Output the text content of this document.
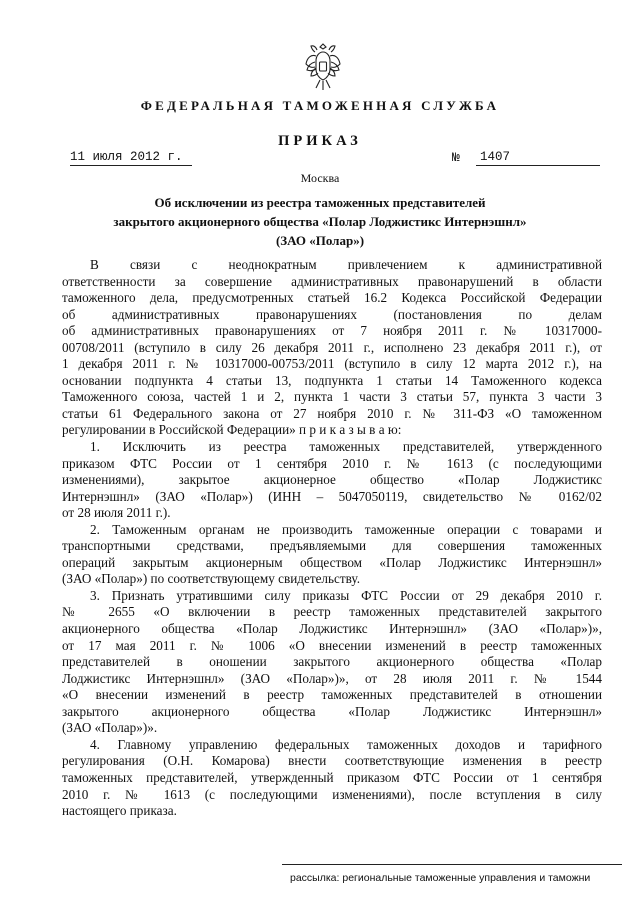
ФЕДЕРАЛЬНАЯ ТАМОЖЕННАЯ СЛУЖБА
ПРИКАЗ
11 июля 2012 г.	№	1407
Москва
Об исключении из реестра таможенных представителей
закрытого акционерного общества «Полар Лоджистикс Интернэшнл»
(ЗАО «Полар»)
В связи с неоднократным привлечением к административной
ответственности за совершение административных правонарушений в области
таможенного дела, предусмотренных статьей 16.2 Кодекса Российской Федерации
об административных правонарушениях (постановления по делам
об административных правонарушениях от 7 ноября 2011 г. № 10317000-
00708/2011 (вступило в силу 26 декабря 2011 г., исполнено 23 декабря 2011 г.), от
1 декабря 2011 г. № 10317000-00753/2011 (вступило в силу 12 марта 2012 г.), на
основании подпункта 4 статьи 13, подпункта 1 статьи 14 Таможенного кодекса
Таможенного союза, частей 1 и 2, пункта 1 части 3 статьи 57, пункта 3 части 3
статьи 61 Федерального закона от 27 ноября 2010 г. № 311-ФЗ «О таможенном
регулировании в Российской Федерации» п р и к а з ы в а ю:
1. Исключить из реестра таможенных представителей, утвержденного
приказом ФТС России от 1 сентября 2010 г. № 1613 (с последующими
изменениями), закрытое акционерное общество «Полар Лоджистикс
Интернэшнл» (ЗАО «Полар») (ИНН – 5047050119, свидетельство № 0162/02
от 28 июля 2011 г.).
2. Таможенным органам не производить таможенные операции с товарами и
транспортными средствами, предъявляемыми для совершения таможенных
операций закрытым акционерным обществом «Полар Лоджистикс Интернэшнл»
(ЗАО «Полар») по соответствующему свидетельству.
3. Признать утратившими силу приказы ФТС России от 29 декабря 2010 г.
№ 2655 «О включении в реестр таможенных представителей закрытого
акционерного общества «Полар Лоджистикс Интернэшнл» (ЗАО «Полар»)»,
от 17 мая 2011 г. № 1006 «О внесении изменений в реестр таможенных
представителей в оношении закрытого акционерного общества «Полар
Лоджистикс Интернэшнл» (ЗАО «Полар»)», от 28 июля 2011 г. № 1544
«О внесении изменений в реестр таможенных представителей в отношении
закрытого акционерного общества «Полар Лоджистикс Интернэшнл»
(ЗАО «Полар»)».
4. Главному управлению федеральных таможенных доходов и тарифного
регулирования (О.Н. Комарова) внести соответствующие изменения в реестр
таможенных представителей, утвержденный приказом ФТС России от 1 сентября
2010 г. № 1613 (с последующими изменениями), после вступления в силу
настоящего приказа.
рассылка: региональные таможенные управления и таможни
